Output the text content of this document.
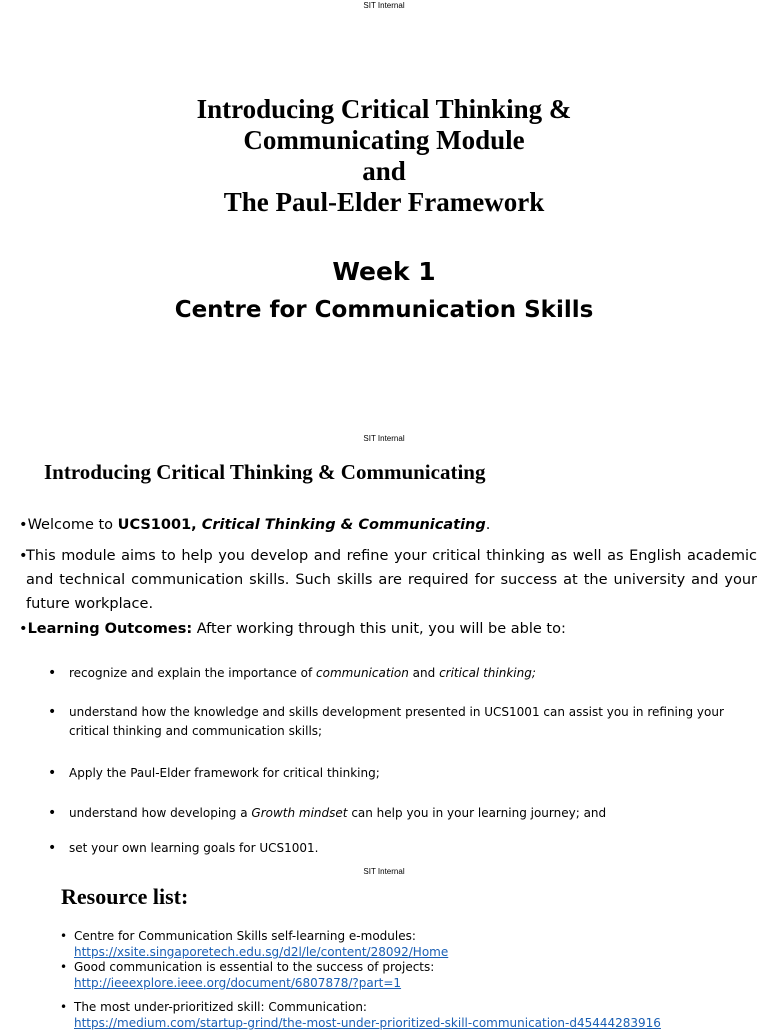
SIT Internal
Introducing Critical Thinking &
Communicating Module
and
The Paul-Elder Framework
Week 1
Centre for Communication Skills
SIT Internal
Introducing Critical Thinking & Communicating
•Welcome to UCS1001, Critical Thinking & Communicating.
•
This module aims to help you develop and refine your critical thinking as well as English academic and technical communication skills. Such skills are required for success at the university and your future workplace.
•Learning Outcomes: After working through this unit, you will be able to:
• recognize and explain the importance of communication and critical thinking;
• understand how the knowledge and skills development presented in UCS1001 can assist you in refining your critical thinking and communication skills;
• Apply the Paul-Elder framework for critical thinking;
• understand how developing a Growth mindset can help you in your learning journey; and
• set your own learning goals for UCS1001.
SIT Internal
Resource list:
• Centre for Communication Skills self-learning e-modules:
https://xsite.singaporetech.edu.sg/d2l/le/content/28092/Home
• Good communication is essential to the success of projects:
http://ieeexplore.ieee.org/document/6807878/?part=1
• The most under-prioritized skill: Communication:
https://medium.com/startup-grind/the-most-under-prioritized-skill-communication-d45444283916
